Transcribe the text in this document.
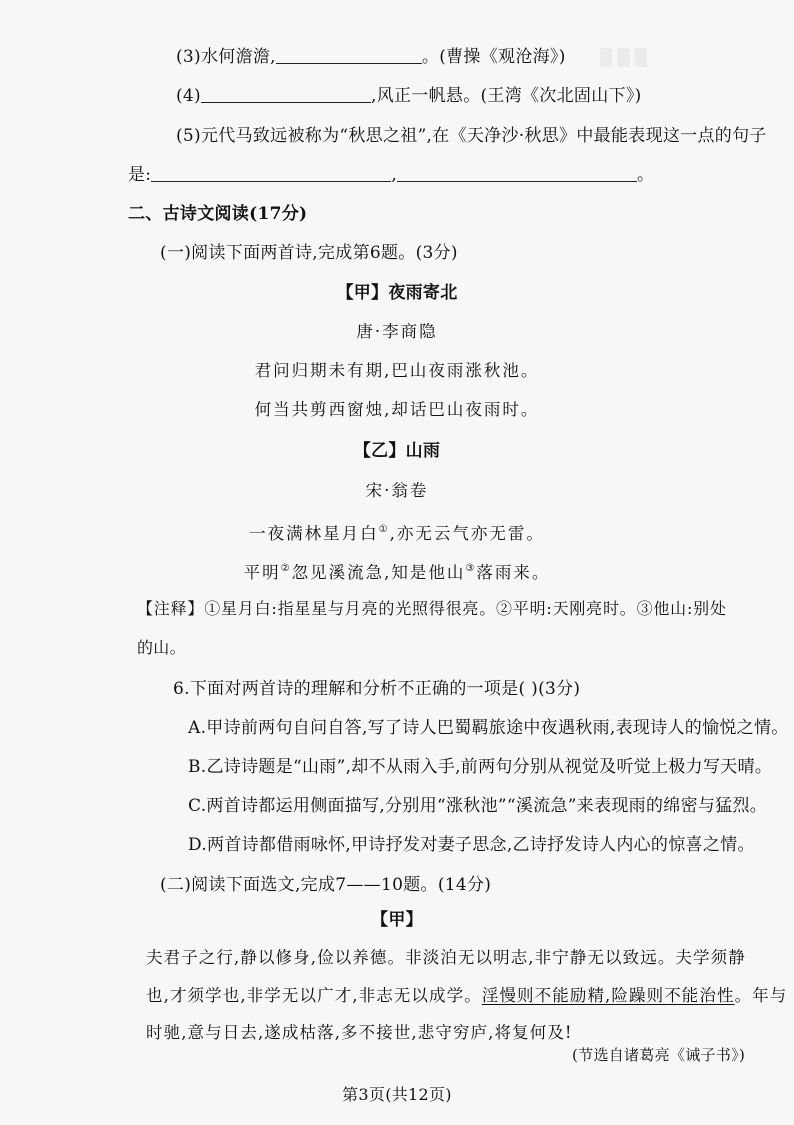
▒ ▒ ▒
(3)水何澹澹,	。(曹操《观沧海》)
(4)	,风正一帆悬。(王湾《次北固山下》)
(5)元代马致远被称为“秋思之祖”,在《天净沙·秋思》中最能表现这一点的句子
是:	,	。
二、古诗文阅读(17分)
(一)阅读下面两首诗,完成第6题。(3分)
【甲】夜雨寄北
唐·李商隐
君问归期未有期,巴山夜雨涨秋池。
何当共剪西窗烛,却话巴山夜雨时。
【乙】山雨
宋·翁卷
一夜满林星月白①,亦无云气亦无雷。
平明②忽见溪流急,知是他山③落雨来。
【注释】①星月白:指星星与月亮的光照得很亮。②平明:天刚亮时。③他山:别处
的山。
6.下面对两首诗的理解和分析不正确的一项是( )(3分)
A.甲诗前两句自问自答,写了诗人巴蜀羁旅途中夜遇秋雨,表现诗人的愉悦之情。
B.乙诗诗题是“山雨”,却不从雨入手,前两句分别从视觉及听觉上极力写天晴。
C.两首诗都运用侧面描写,分别用“涨秋池”“溪流急”来表现雨的绵密与猛烈。
D.两首诗都借雨咏怀,甲诗抒发对妻子思念,乙诗抒发诗人内心的惊喜之情。
(二)阅读下面选文,完成7——10题。(14分)
【甲】
夫君子之行,静以修身,俭以养德。非淡泊无以明志,非宁静无以致远。夫学须静
也,才须学也,非学无以广才,非志无以成学。淫慢则不能励精,险躁则不能治性。年与
时驰,意与日去,遂成枯落,多不接世,悲守穷庐,将复何及!
(节选自诸葛亮《诫子书》)
第3页(共12页)
